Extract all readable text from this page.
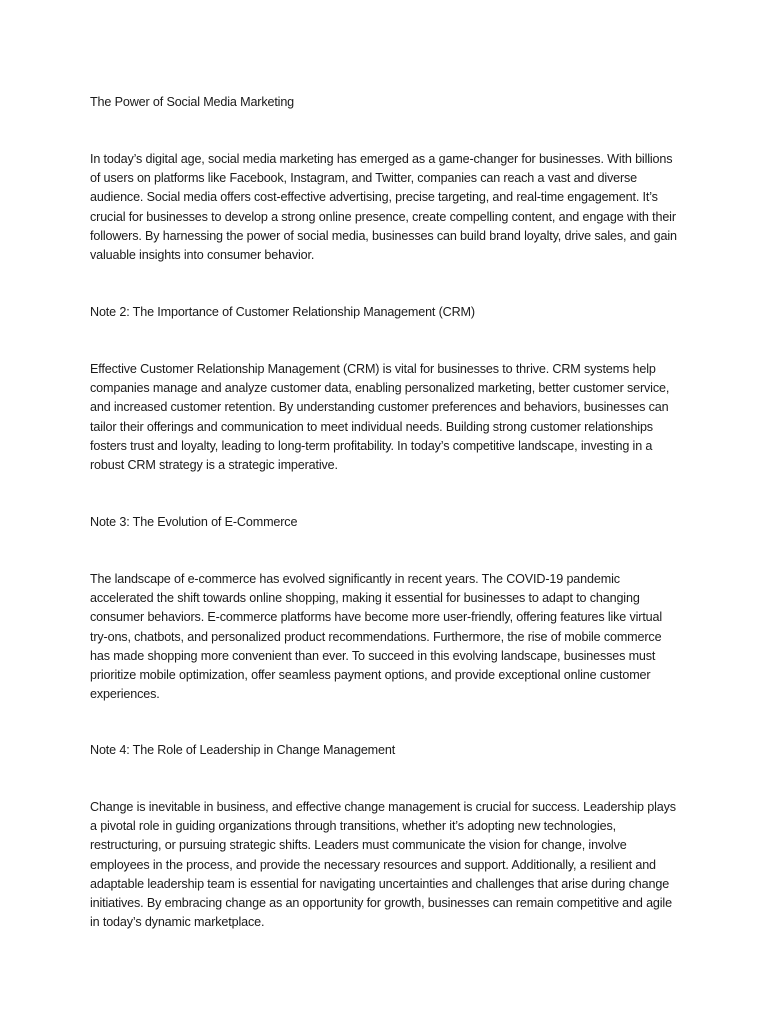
The Power of Social Media Marketing

In today’s digital age, social media marketing has emerged as a game-changer for businesses. With billions of users on platforms like Facebook, Instagram, and Twitter, companies can reach a vast and diverse audience. Social media offers cost-effective advertising, precise targeting, and real-time engagement. It’s crucial for businesses to develop a strong online presence, create compelling content, and engage with their followers. By harnessing the power of social media, businesses can build brand loyalty, drive sales, and gain valuable insights into consumer behavior.

Note 2: The Importance of Customer Relationship Management (CRM)

Effective Customer Relationship Management (CRM) is vital for businesses to thrive. CRM systems help companies manage and analyze customer data, enabling personalized marketing, better customer service, and increased customer retention. By understanding customer preferences and behaviors, businesses can tailor their offerings and communication to meet individual needs. Building strong customer relationships fosters trust and loyalty, leading to long-term profitability. In today’s competitive landscape, investing in a robust CRM strategy is a strategic imperative.

Note 3: The Evolution of E-Commerce

The landscape of e-commerce has evolved significantly in recent years. The COVID-19 pandemic accelerated the shift towards online shopping, making it essential for businesses to adapt to changing consumer behaviors. E-commerce platforms have become more user-friendly, offering features like virtual try-ons, chatbots, and personalized product recommendations. Furthermore, the rise of mobile commerce has made shopping more convenient than ever. To succeed in this evolving landscape, businesses must prioritize mobile optimization, offer seamless payment options, and provide exceptional online customer experiences.

Note 4: The Role of Leadership in Change Management

Change is inevitable in business, and effective change management is crucial for success. Leadership plays a pivotal role in guiding organizations through transitions, whether it’s adopting new technologies, restructuring, or pursuing strategic shifts. Leaders must communicate the vision for change, involve employees in the process, and provide the necessary resources and support. Additionally, a resilient and adaptable leadership team is essential for navigating uncertainties and challenges that arise during change initiatives. By embracing change as an opportunity for growth, businesses can remain competitive and agile in today’s dynamic marketplace.
